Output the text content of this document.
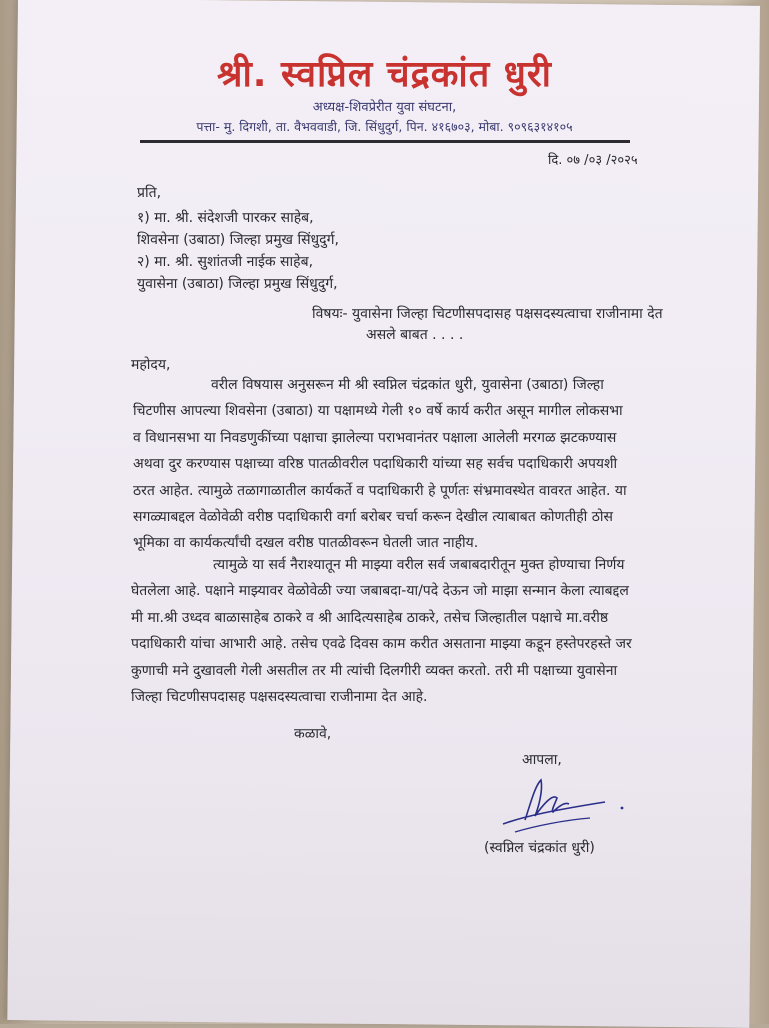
श्री. स्वप्निल चंद्रकांत धुरी
अध्यक्ष-शिवप्रेरीत युवा संघटना,
पत्ता- मु. दिगशी, ता. वैभववाडी, जि. सिंधुदुर्ग, पिन. ४१६७०३, मोबा. ९०९६३१४१०५
दि. ०७ /०३ /२०२५
प्रति,
१) मा. श्री. संदेशजी पारकर साहेब,
शिवसेना (उबाठा) जिल्हा प्रमुख सिंधुदुर्ग,
२) मा. श्री. सुशांतजी नाईक साहेब,
युवासेना (उबाठा) जिल्हा प्रमुख सिंधुदुर्ग,
विषयः- युवासेना जिल्हा चिटणीसपदासह पक्षसदस्यत्वाचा राजीनामा देत
असले बाबत . . . .
महोदय,
वरील विषयास अनुसरून मी श्री स्वप्निल चंद्रकांत धुरी, युवासेना (उबाठा) जिल्हा
चिटणीस आपल्या शिवसेना (उबाठा) या पक्षामध्ये गेली १० वर्षे कार्य करीत असून मागील लोकसभा
व विधानसभा या निवडणुकींच्या पक्षाचा झालेल्या पराभवानंतर पक्षाला आलेली मरगळ झटकण्यास
अथवा दुर करण्यास पक्षाच्या वरिष्ठ पातळीवरील पदाधिकारी यांच्या सह सर्वच पदाधिकारी अपयशी
ठरत आहेत. त्यामुळे तळागाळातील कार्यकर्ते व पदाधिकारी हे पूर्णतः संभ्रमावस्थेत वावरत आहेत. या
सगळ्याबद्दल वेळोवेळी वरीष्ठ पदाधिकारी वर्गा बरोबर चर्चा करून देखील त्याबाबत कोणतीही ठोस
भूमिका वा कार्यकर्त्यांची दखल वरीष्ठ पातळीवरून घेतली जात नाहीय.
त्यामुळे या सर्व नैराश्यातून मी माझ्या वरील सर्व जबाबदारीतून मुक्त होण्याचा निर्णय
घेतलेला आहे. पक्षाने माझ्यावर वेळोवेळी ज्या जबाबदा-या/पदे देऊन जो माझा सन्मान केला त्याबद्दल
मी मा.श्री उध्दव बाळासाहेब ठाकरे व श्री आदित्यसाहेब ठाकरे, तसेच जिल्हातील पक्षाचे मा.वरीष्ठ
पदाधिकारी यांचा आभारी आहे. तसेच एवढे दिवस काम करीत असताना माझ्या कडून हस्तेपरहस्ते जर
कुणाची मने दुखावली गेली असतील तर मी त्यांची दिलगीरी व्यक्त करतो. तरी मी पक्षाच्या युवासेना
जिल्हा चिटणीसपदासह पक्षसदस्यत्वाचा राजीनामा देत आहे.
कळावे,
आपला,
(स्वप्निल चंद्रकांत धुरी)
